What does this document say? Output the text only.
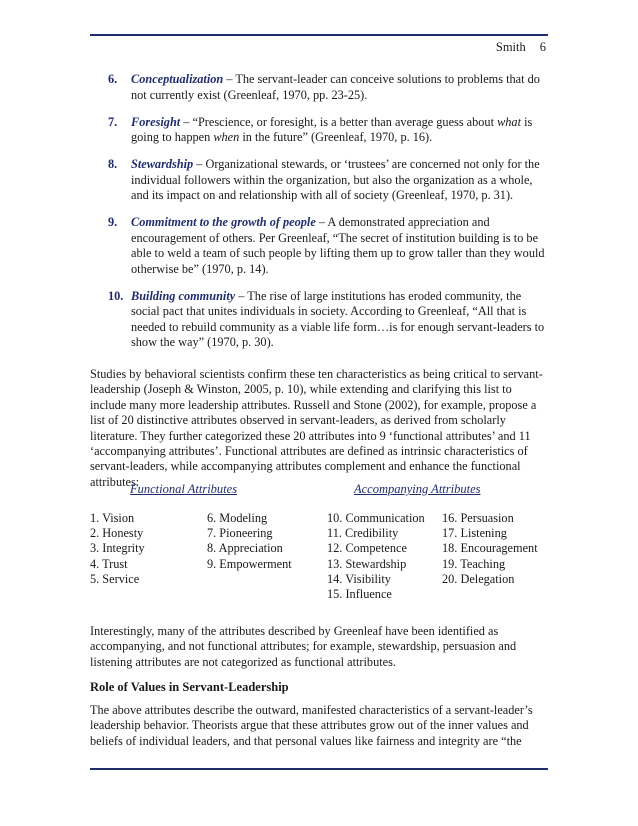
Smith 6
6. Conceptualization – The servant-leader can conceive solutions to problems that do not currently exist (Greenleaf, 1970, pp. 23-25).
7. Foresight – “Prescience, or foresight, is a better than average guess about what is going to happen when in the future” (Greenleaf, 1970, p. 16).
8. Stewardship – Organizational stewards, or ‘trustees’ are concerned not only for the individual followers within the organization, but also the organization as a whole, and its impact on and relationship with all of society (Greenleaf, 1970, p. 31).
9. Commitment to the growth of people – A demonstrated appreciation and encouragement of others. Per Greenleaf, “The secret of institution building is to be able to weld a team of such people by lifting them up to grow taller than they would otherwise be” (1970, p. 14).
10. Building community – The rise of large institutions has eroded community, the social pact that unites individuals in society. According to Greenleaf, “All that is needed to rebuild community as a viable life form…is for enough servant-leaders to show the way” (1970, p. 30).

Studies by behavioral scientists confirm these ten characteristics as being critical to servant-leadership (Joseph & Winston, 2005, p. 10), while extending and clarifying this list to include many more leadership attributes. Russell and Stone (2002), for example, propose a list of 20 distinctive attributes observed in servant-leaders, as derived from scholarly literature. They further categorized these 20 attributes into 9 ‘functional attributes’ and 11 ‘accompanying attributes’. Functional attributes are defined as intrinsic characteristics of servant-leaders, while accompanying attributes complement and enhance the functional attributes:

Functional Attributes	Accompanying Attributes
1. Vision
2. Honesty
3. Integrity
4. Trust
5. Service
6. Modeling
7. Pioneering
8. Appreciation
9. Empowerment
10. Communication
11. Credibility
12. Competence
13. Stewardship
14. Visibility
15. Influence
16. Persuasion
17. Listening
18. Encouragement
19. Teaching
20. Delegation

Interestingly, many of the attributes described by Greenleaf have been identified as accompanying, and not functional attributes; for example, stewardship, persuasion and listening attributes are not categorized as functional attributes.

Role of Values in Servant-Leadership

The above attributes describe the outward, manifested characteristics of a servant-leader’s leadership behavior. Theorists argue that these attributes grow out of the inner values and beliefs of individual leaders, and that personal values like fairness and integrity are “the
